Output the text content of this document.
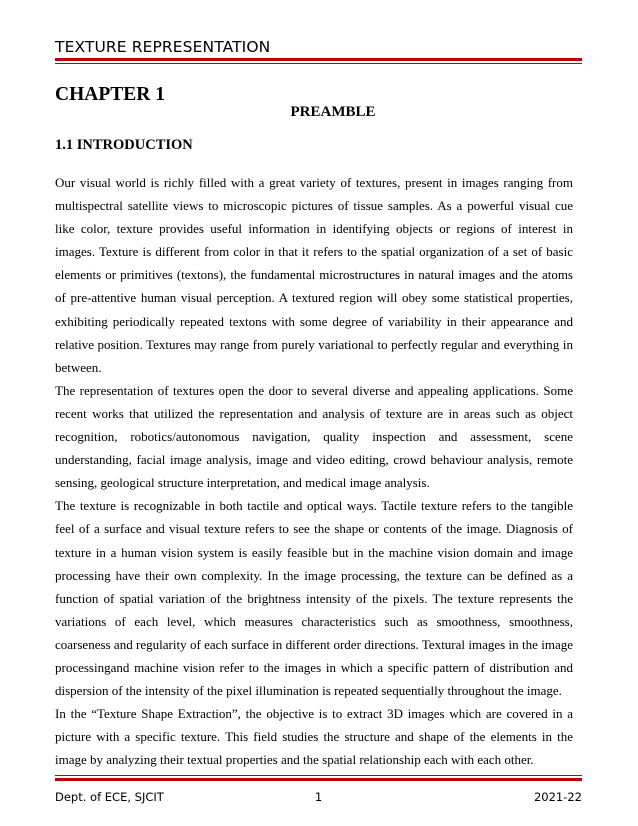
TEXTURE REPRESENTATION
CHAPTER 1
PREAMBLE
1.1 INTRODUCTION

Our visual world is richly filled with a great variety of textures, present in images ranging from multispectral satellite views to microscopic pictures of tissue samples. As a powerful visual cue like color, texture provides useful information in identifying objects or regions of interest in images. Texture is different from color in that it refers to the spatial organization of a set of basic elements or primitives (textons), the fundamental microstructures in natural images and the atoms of pre-attentive human visual perception. A textured region will obey some statistical properties, exhibiting periodically repeated textons with some degree of variability in their appearance and relative position. Textures may range from purely variational to perfectly regular and everything in between.

The representation of textures open the door to several diverse and appealing applications. Some recent works that utilized the representation and analysis of texture are in areas such as object recognition, robotics/autonomous navigation, quality inspection and assessment, scene understanding, facial image analysis, image and video editing, crowd behaviour analysis, remote sensing, geological structure interpretation, and medical image analysis.

The texture is recognizable in both tactile and optical ways. Tactile texture refers to the tangible feel of a surface and visual texture refers to see the shape or contents of the image. Diagnosis of texture in a human vision system is easily feasible but in the machine vision domain and image processing have their own complexity. In the image processing, the texture can be defined as a function of spatial variation of the brightness intensity of the pixels. The texture represents the variations of each level, which measures characteristics such as smoothness, smoothness, coarseness and regularity of each surface in different order directions. Textural images in the image processingand machine vision refer to the images in which a specific pattern of distribution and dispersion of the intensity of the pixel illumination is repeated sequentially throughout the image.

In the “Texture Shape Extraction”, the objective is to extract 3D images which are covered in a picture with a specific texture. This field studies the structure and shape of the elements in the image by analyzing their textual properties and the spatial relationship each with each other.

Dept. of ECE, SJCIT	1	2021-22
